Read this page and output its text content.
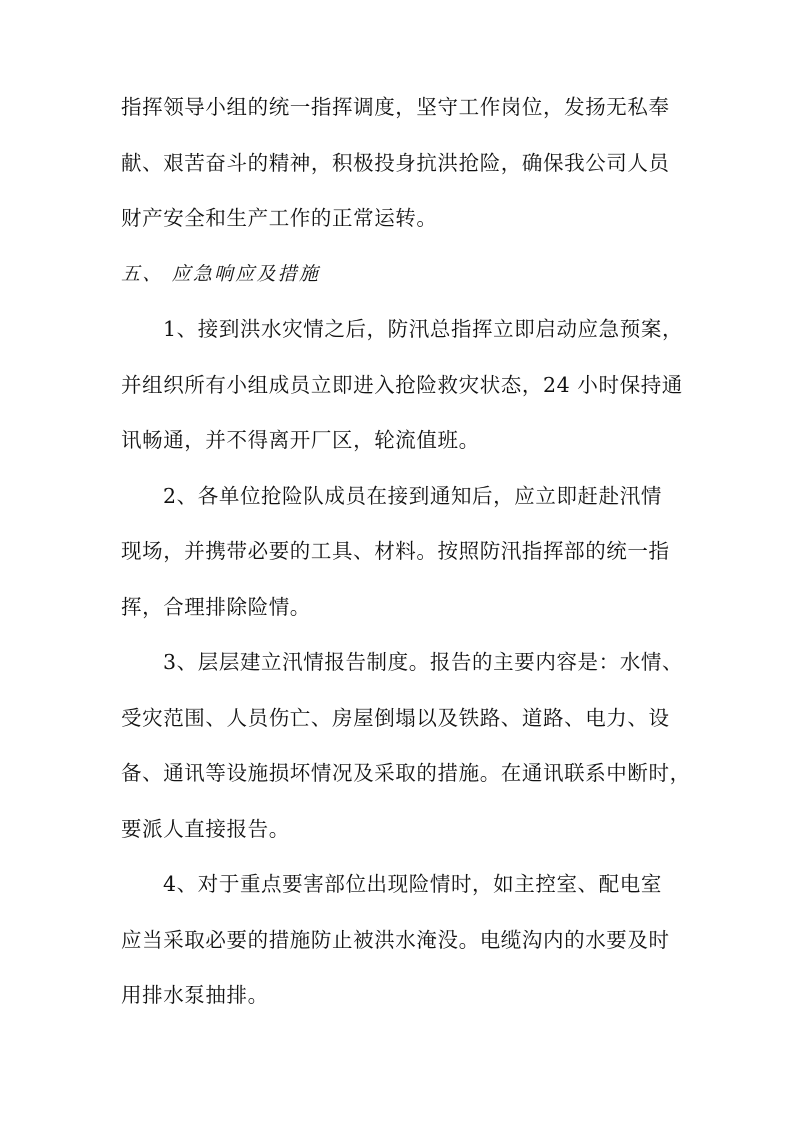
指挥领导小组的统一指挥调度，坚守工作岗位，发扬无私奉
献、艰苦奋斗的精神，积极投身抗洪抢险，确保我公司人员
财产安全和生产工作的正常运转。
五、 应急响应及措施
1、接到洪水灾情之后，防汛总指挥立即启动应急预案，
并组织所有小组成员立即进入抢险救灾状态，24 小时保持通
讯畅通，并不得离开厂区，轮流值班。
2、各单位抢险队成员在接到通知后，应立即赶赴汛情
现场，并携带必要的工具、材料。按照防汛指挥部的统一指
挥，合理排除险情。
3、层层建立汛情报告制度。报告的主要内容是：水情、
受灾范围、人员伤亡、房屋倒塌以及铁路、道路、电力、设
备、通讯等设施损坏情况及采取的措施。在通讯联系中断时，
要派人直接报告。
4、对于重点要害部位出现险情时，如主控室、配电室
应当采取必要的措施防止被洪水淹没。电缆沟内的水要及时
用排水泵抽排。
